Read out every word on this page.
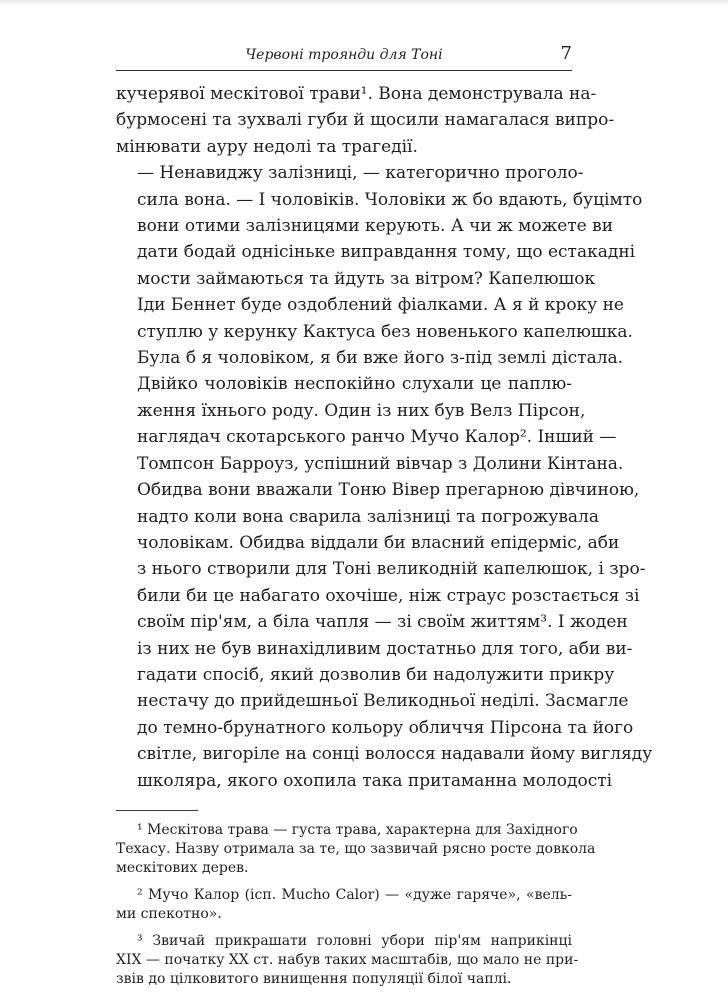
Червоні троянди для Тоні	7

кучерявої мескітової трави¹. Вона демонструвала на-
бурмосені та зухвалі губи й щосили намагалася випро-
мінювати ауру недолі та трагедії.

— Ненавиджу залізниці, — категорично проголо-
сила вона. — І чоловіків. Чоловіки ж бо вдають, буцімто
вони отими залізницями керують. А чи ж можете ви
дати бодай однісіньке виправдання тому, що естакадні
мости займаються та йдуть за вітром? Капелюшок
Іди Беннет буде оздоблений фіалками. А я й кроку не
ступлю у керунку Кактуса без новенького капелюшка.
Була б я чоловіком, я би вже його з-під землі дістала.

Двійко чоловіків неспокійно слухали це паплю-
ження їхнього роду. Один із них був Велз Пірсон,
наглядач скотарського ранчо Мучо Калор². Інший —
Томпсон Барроуз, успішний вівчар з Долини Кінтана.
Обидва вони вважали Тоню Вівер прегарною дівчиною,
надто коли вона сварила залізниці та погрожувала
чоловікам. Обидва віддали би власний епідерміс, аби
з нього створили для Тоні великодній капелюшок, і зро-
били би це набагато охочіше, ніж страус розстається зі
своїм пір'ям, а біла чапля — зі своїм життям³. І жоден
із них не був винахідливим достатньо для того, аби ви-
гадати спосіб, який дозволив би надолужити прикру
нестачу до прийдешньої Великодньої неділі. Засмагле
до темно-брунатного кольору обличчя Пірсона та його
світле, вигоріле на сонці волосся надавали йому вигляду
школяра, якого охопила така притаманна молодості

¹ Мескітова трава — густа трава, характерна для Західного
Техасу. Назву отримала за те, що зазвичай рясно росте довкола
мескітових дерев.
² Мучо Калор (ісп. Mucho Calor) — «дуже гаряче», «вель-
ми спекотно».
³ Звичай прикрашати головні убори пір'ям наприкінці
XIX — початку XX ст. набув таких масштабів, що мало не при-
звів до цілковитого винищення популяції білої чаплі.
